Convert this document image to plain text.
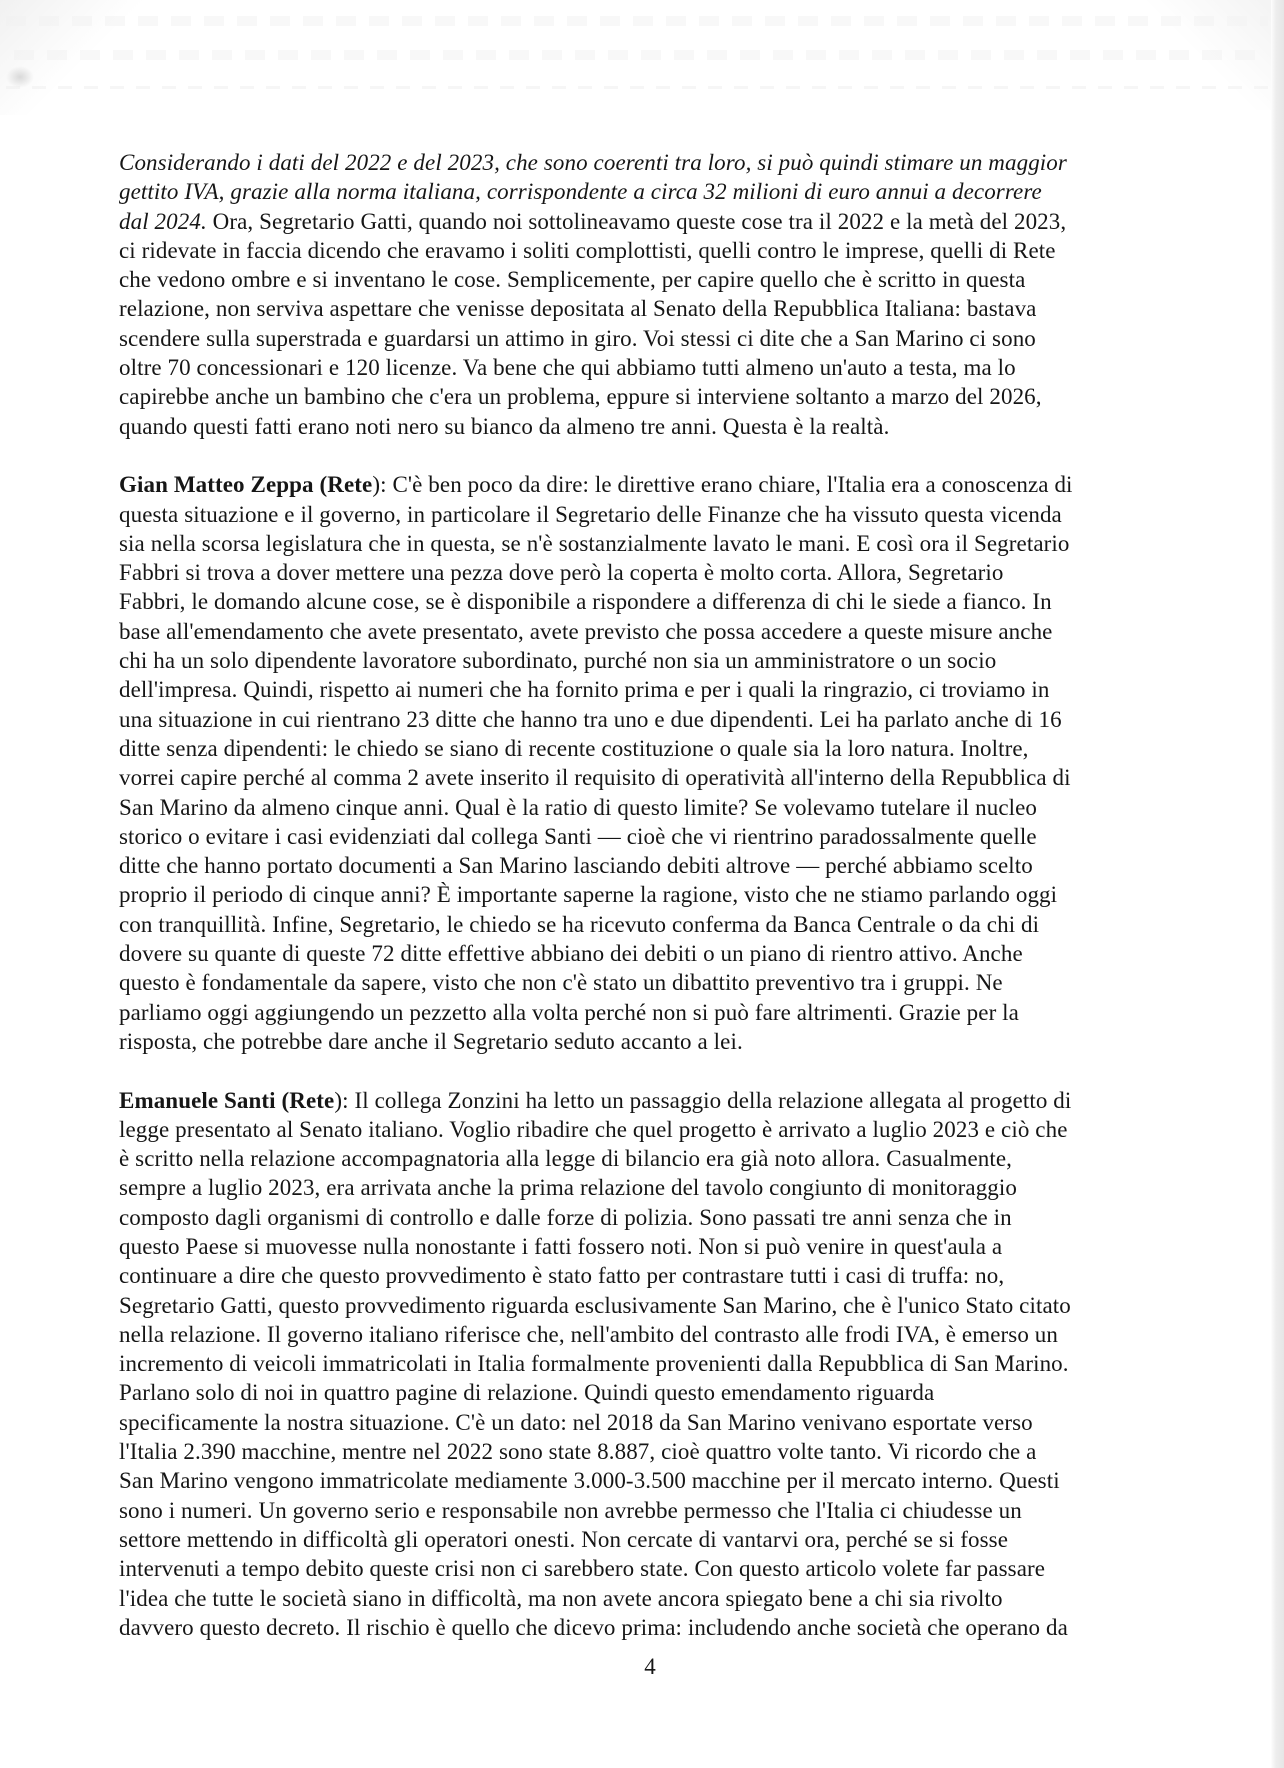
Considerando i dati del 2022 e del 2023, che sono coerenti tra loro, si può quindi stimare un maggior
gettito IVA, grazie alla norma italiana, corrispondente a circa 32 milioni di euro annui a decorrere
dal 2024. Ora, Segretario Gatti, quando noi sottolineavamo queste cose tra il 2022 e la metà del 2023,
ci ridevate in faccia dicendo che eravamo i soliti complottisti, quelli contro le imprese, quelli di Rete
che vedono ombre e si inventano le cose. Semplicemente, per capire quello che è scritto in questa
relazione, non serviva aspettare che venisse depositata al Senato della Repubblica Italiana: bastava
scendere sulla superstrada e guardarsi un attimo in giro. Voi stessi ci dite che a San Marino ci sono
oltre 70 concessionari e 120 licenze. Va bene che qui abbiamo tutti almeno un'auto a testa, ma lo
capirebbe anche un bambino che c'era un problema, eppure si interviene soltanto a marzo del 2026,
quando questi fatti erano noti nero su bianco da almeno tre anni. Questa è la realtà.
Gian Matteo Zeppa (Rete): C'è ben poco da dire: le direttive erano chiare, l'Italia era a conoscenza di
questa situazione e il governo, in particolare il Segretario delle Finanze che ha vissuto questa vicenda
sia nella scorsa legislatura che in questa, se n'è sostanzialmente lavato le mani. E così ora il Segretario
Fabbri si trova a dover mettere una pezza dove però la coperta è molto corta. Allora, Segretario
Fabbri, le domando alcune cose, se è disponibile a rispondere a differenza di chi le siede a fianco. In
base all'emendamento che avete presentato, avete previsto che possa accedere a queste misure anche
chi ha un solo dipendente lavoratore subordinato, purché non sia un amministratore o un socio
dell'impresa. Quindi, rispetto ai numeri che ha fornito prima e per i quali la ringrazio, ci troviamo in
una situazione in cui rientrano 23 ditte che hanno tra uno e due dipendenti. Lei ha parlato anche di 16
ditte senza dipendenti: le chiedo se siano di recente costituzione o quale sia la loro natura. Inoltre,
vorrei capire perché al comma 2 avete inserito il requisito di operatività all'interno della Repubblica di
San Marino da almeno cinque anni. Qual è la ratio di questo limite? Se volevamo tutelare il nucleo
storico o evitare i casi evidenziati dal collega Santi — cioè che vi rientrino paradossalmente quelle
ditte che hanno portato documenti a San Marino lasciando debiti altrove — perché abbiamo scelto
proprio il periodo di cinque anni? È importante saperne la ragione, visto che ne stiamo parlando oggi
con tranquillità. Infine, Segretario, le chiedo se ha ricevuto conferma da Banca Centrale o da chi di
dovere su quante di queste 72 ditte effettive abbiano dei debiti o un piano di rientro attivo. Anche
questo è fondamentale da sapere, visto che non c'è stato un dibattito preventivo tra i gruppi. Ne
parliamo oggi aggiungendo un pezzetto alla volta perché non si può fare altrimenti. Grazie per la
risposta, che potrebbe dare anche il Segretario seduto accanto a lei.
Emanuele Santi (Rete): Il collega Zonzini ha letto un passaggio della relazione allegata al progetto di
legge presentato al Senato italiano. Voglio ribadire che quel progetto è arrivato a luglio 2023 e ciò che
è scritto nella relazione accompagnatoria alla legge di bilancio era già noto allora. Casualmente,
sempre a luglio 2023, era arrivata anche la prima relazione del tavolo congiunto di monitoraggio
composto dagli organismi di controllo e dalle forze di polizia. Sono passati tre anni senza che in
questo Paese si muovesse nulla nonostante i fatti fossero noti. Non si può venire in quest'aula a
continuare a dire che questo provvedimento è stato fatto per contrastare tutti i casi di truffa: no,
Segretario Gatti, questo provvedimento riguarda esclusivamente San Marino, che è l'unico Stato citato
nella relazione. Il governo italiano riferisce che, nell'ambito del contrasto alle frodi IVA, è emerso un
incremento di veicoli immatricolati in Italia formalmente provenienti dalla Repubblica di San Marino.
Parlano solo di noi in quattro pagine di relazione. Quindi questo emendamento riguarda
specificamente la nostra situazione. C'è un dato: nel 2018 da San Marino venivano esportate verso
l'Italia 2.390 macchine, mentre nel 2022 sono state 8.887, cioè quattro volte tanto. Vi ricordo che a
San Marino vengono immatricolate mediamente 3.000-3.500 macchine per il mercato interno. Questi
sono i numeri. Un governo serio e responsabile non avrebbe permesso che l'Italia ci chiudesse un
settore mettendo in difficoltà gli operatori onesti. Non cercate di vantarvi ora, perché se si fosse
intervenuti a tempo debito queste crisi non ci sarebbero state. Con questo articolo volete far passare
l'idea che tutte le società siano in difficoltà, ma non avete ancora spiegato bene a chi sia rivolto
davvero questo decreto. Il rischio è quello che dicevo prima: includendo anche società che operano da
4
